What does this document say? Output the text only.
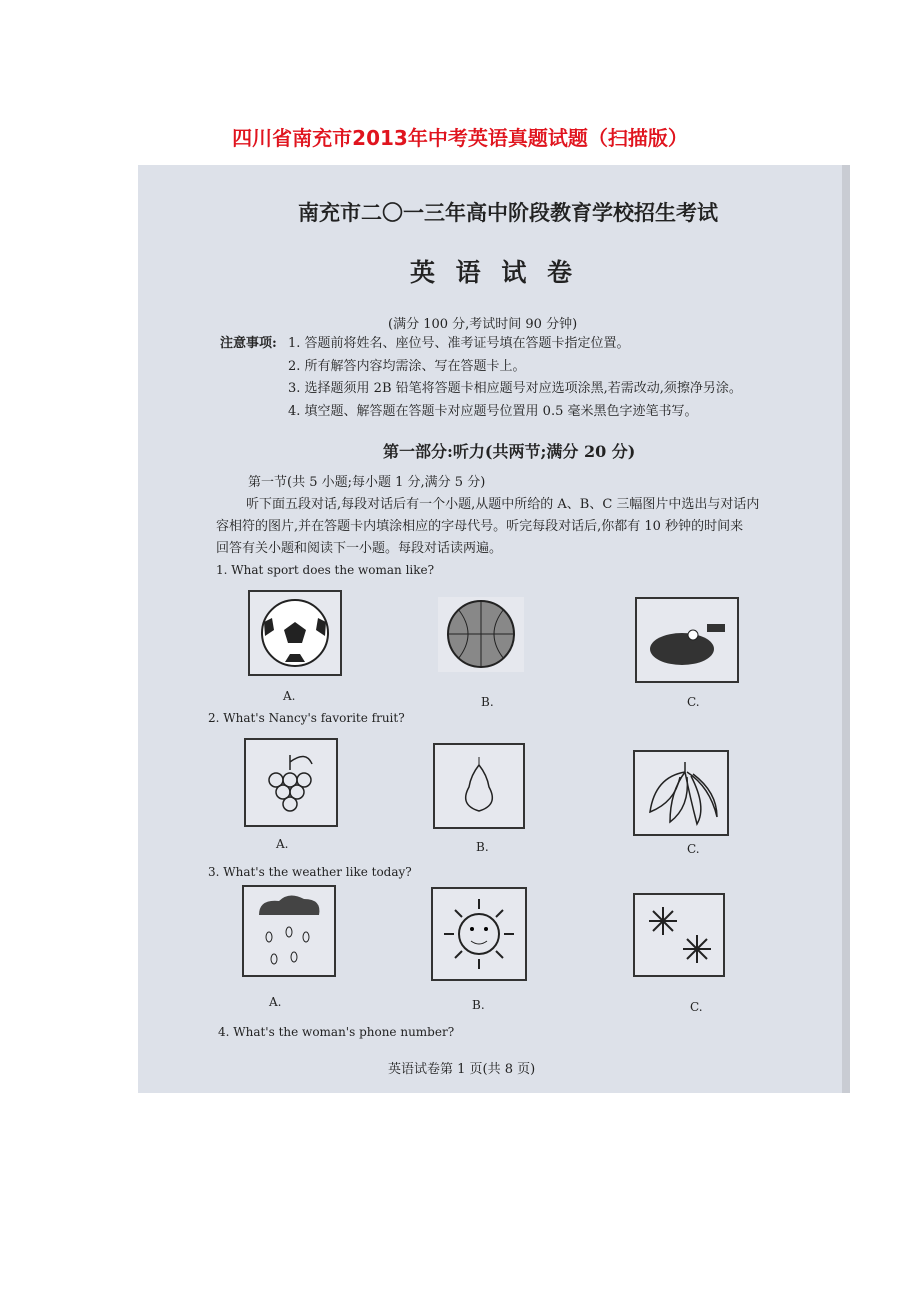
四川省南充市2013年中考英语真题试题（扫描版）
南充市二〇一三年高中阶段教育学校招生考试
英 语 试 卷
(满分 100 分,考试时间 90 分钟)
注意事项: 1. 答题前将姓名、座位号、准考证号填在答题卡指定位置。
2. 所有解答内容均需涂、写在答题卡上。
3. 选择题须用 2B 铅笔将答题卡相应题号对应选项涂黑,若需改动,须擦净另涂。
4. 填空题、解答题在答题卡对应题号位置用 0.5 毫米黑色字迹笔书写。
第一部分:听力(共两节;满分 20 分)
第一节(共 5 小题;每小题 1 分,满分 5 分)
听下面五段对话,每段对话后有一个小题,从题中所给的 A、B、C 三幅图片中选出与对话内
容相符的图片,并在答题卡内填涂相应的字母代号。听完每段对话后,你都有 10 秒钟的时间来
回答有关小题和阅读下一小题。每段对话读两遍。
1. What sport does the woman like?
A.	B.	C.
2. What's Nancy's favorite fruit?
A.	B.	C.
3. What's the weather like today?
A.	B.	C.
4. What's the woman's phone number?
英语试卷第 1 页(共 8 页)
